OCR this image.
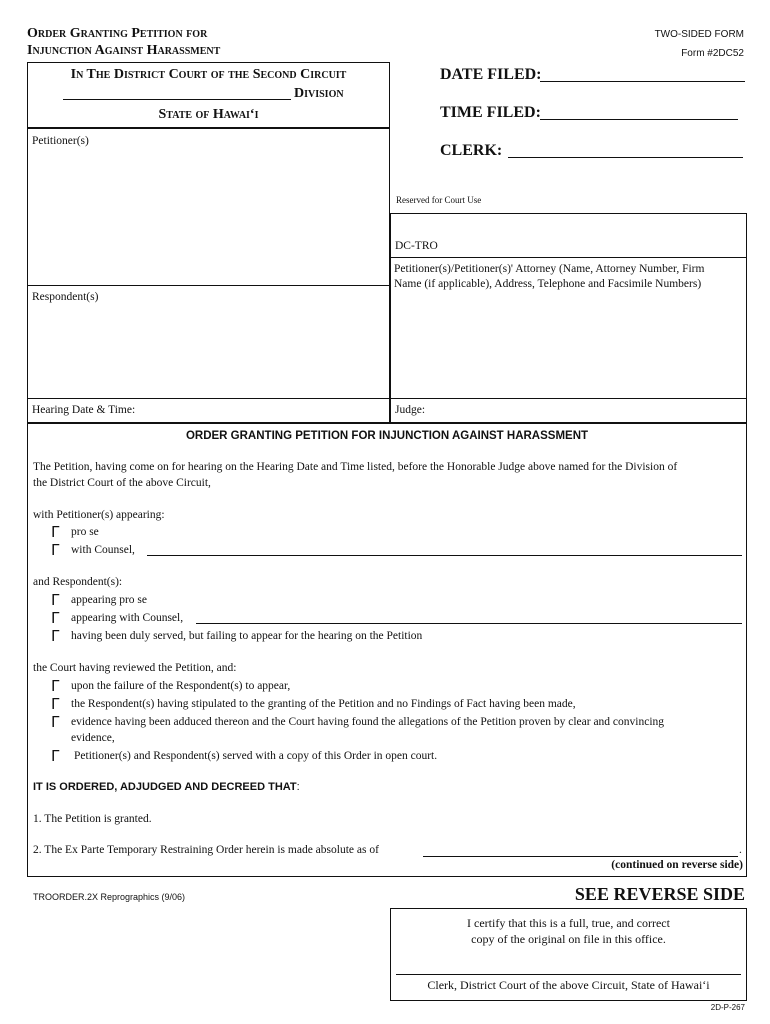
Order Granting Petition for
Injunction Against Harassment
TWO-SIDED FORM
Form #2DC52
In The District Court of the Second Circuit
Division
State of Hawai‘i
DATE FILED:
TIME FILED:
CLERK:
Reserved for Court Use
Petitioner(s)
Respondent(s)
DC-TRO
Petitioner(s)/Petitioner(s)' Attorney (Name, Attorney Number, Firm
Name (if applicable), Address, Telephone and Facsimile Numbers)
Hearing Date & Time:	Judge:
ORDER GRANTING PETITION FOR INJUNCTION AGAINST HARASSMENT
The Petition, having come on for hearing on the Hearing Date and Time listed, before the Honorable Judge above named for the Division of
the District Court of the above Circuit,
with Petitioner(s) appearing:
Γ pro se
Γ with Counsel,
and Respondent(s):
Γ appearing pro se
Γ appearing with Counsel,
Γ having been duly served, but failing to appear for the hearing on the Petition
the Court having reviewed the Petition, and:
Γ upon the failure of the Respondent(s) to appear,
Γ the Respondent(s) having stipulated to the granting of the Petition and no Findings of Fact having been made,
Γ evidence having been adduced thereon and the Court having found the allegations of the Petition proven by clear and convincing
evidence,
Γ Petitioner(s) and Respondent(s) served with a copy of this Order in open court.
IT IS ORDERED, ADJUDGED AND DECREED THAT:
1. The Petition is granted.
2. The Ex Parte Temporary Restraining Order herein is made absolute as of	.
(continued on reverse side)
TROORDER.2X Reprographics (9/06)	SEE REVERSE SIDE
I certify that this is a full, true, and correct
copy of the original on file in this office.
Clerk, District Court of the above Circuit, State of Hawai‘i
2D-P-267
